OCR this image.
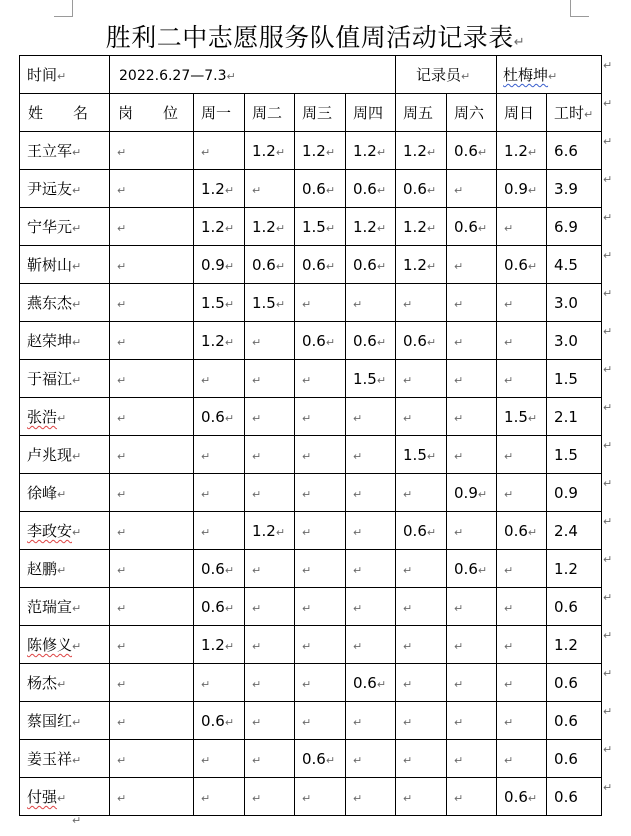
胜利二中志愿服务队值周活动记录表↵
时间↵	2022.6.27—7.3↵					记录员↵		杜梅坤↵	
姓　　名	岗　　位	周一	周二	周三	周四	周五	周六	周日	工时↵
王立军↵	↵	↵	1.2↵	1.2↵	1.2↵	1.2↵	0.6↵	1.2↵	6.6
尹远友↵	↵	1.2↵	↵	0.6↵	0.6↵	0.6↵	↵	0.9↵	3.9
宁华元↵	↵	1.2↵	1.2↵	1.5↵	1.2↵	1.2↵	0.6↵	↵	6.9
靳树山↵	↵	0.9↵	0.6↵	0.6↵	0.6↵	1.2↵	↵	0.6↵	4.5
燕东杰↵	↵	1.5↵	1.5↵	↵	↵	↵	↵	↵	3.0
赵荣坤↵	↵	1.2↵	↵	0.6↵	0.6↵	0.6↵	↵	↵	3.0
于福江↵	↵	↵	↵	↵	1.5↵	↵	↵	↵	1.5
张浩↵	↵	0.6↵	↵	↵	↵	↵	↵	1.5↵	2.1
卢兆现↵	↵	↵	↵	↵	↵	1.5↵	↵	↵	1.5
徐峰↵	↵	↵	↵	↵	↵	↵	0.9↵	↵	0.9
李政安↵	↵	↵	1.2↵	↵	↵	0.6↵	↵	0.6↵	2.4
赵鹏↵	↵	0.6↵	↵	↵	↵	↵	0.6↵	↵	1.2
范瑞宣↵	↵	0.6↵	↵	↵	↵	↵	↵	↵	0.6
陈修义↵	↵	1.2↵	↵	↵	↵	↵	↵	↵	1.2
杨杰↵	↵	↵	↵	↵	0.6↵	↵	↵	↵	0.6
蔡国红↵	↵	0.6↵	↵	↵	↵	↵	↵	↵	0.6
姜玉祥↵	↵	↵	↵	0.6↵	↵	↵	↵	↵	0.6
付强↵	↵	↵	↵	↵	↵	↵	↵	0.6↵	0.6
↵
↵
↵
↵
↵
↵
↵
↵
↵
↵
↵
↵
↵
↵
↵
↵
↵
↵
↵
↵
↵
